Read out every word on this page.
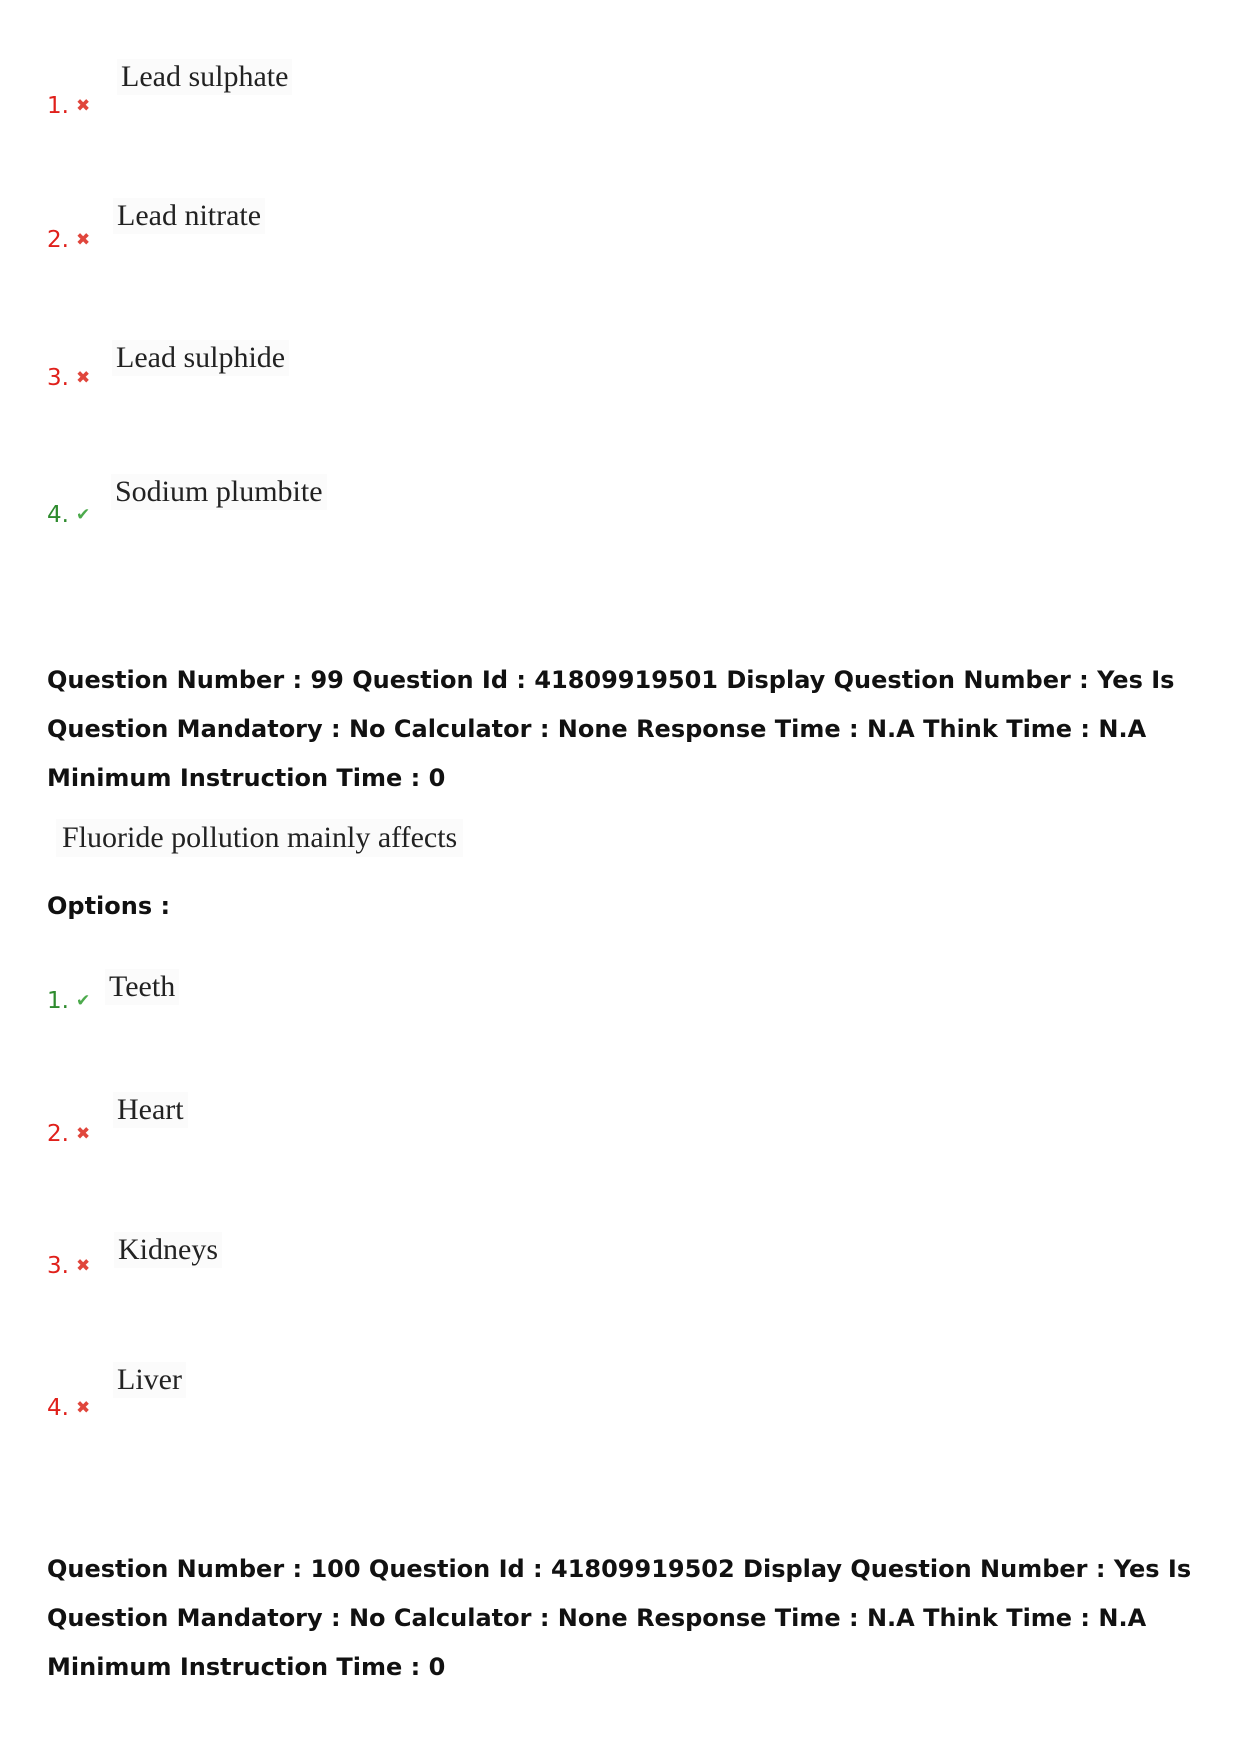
1. ✖
Lead sulphate
2. ✖
Lead nitrate
3. ✖
Lead sulphide
4. ✔
Sodium plumbite
Question Number : 99 Question Id : 41809919501 Display Question Number : Yes Is Question Mandatory : No Calculator : None Response Time : N.A Think Time : N.A Minimum Instruction Time : 0
Fluoride pollution mainly affects
Options :
1. ✔ Teeth
2. ✖
Heart
3. ✖ Kidneys
4. ✖
Liver
Question Number : 100 Question Id : 41809919502 Display Question Number : Yes Is Question Mandatory : No Calculator : None Response Time : N.A Think Time : N.A Minimum Instruction Time : 0
